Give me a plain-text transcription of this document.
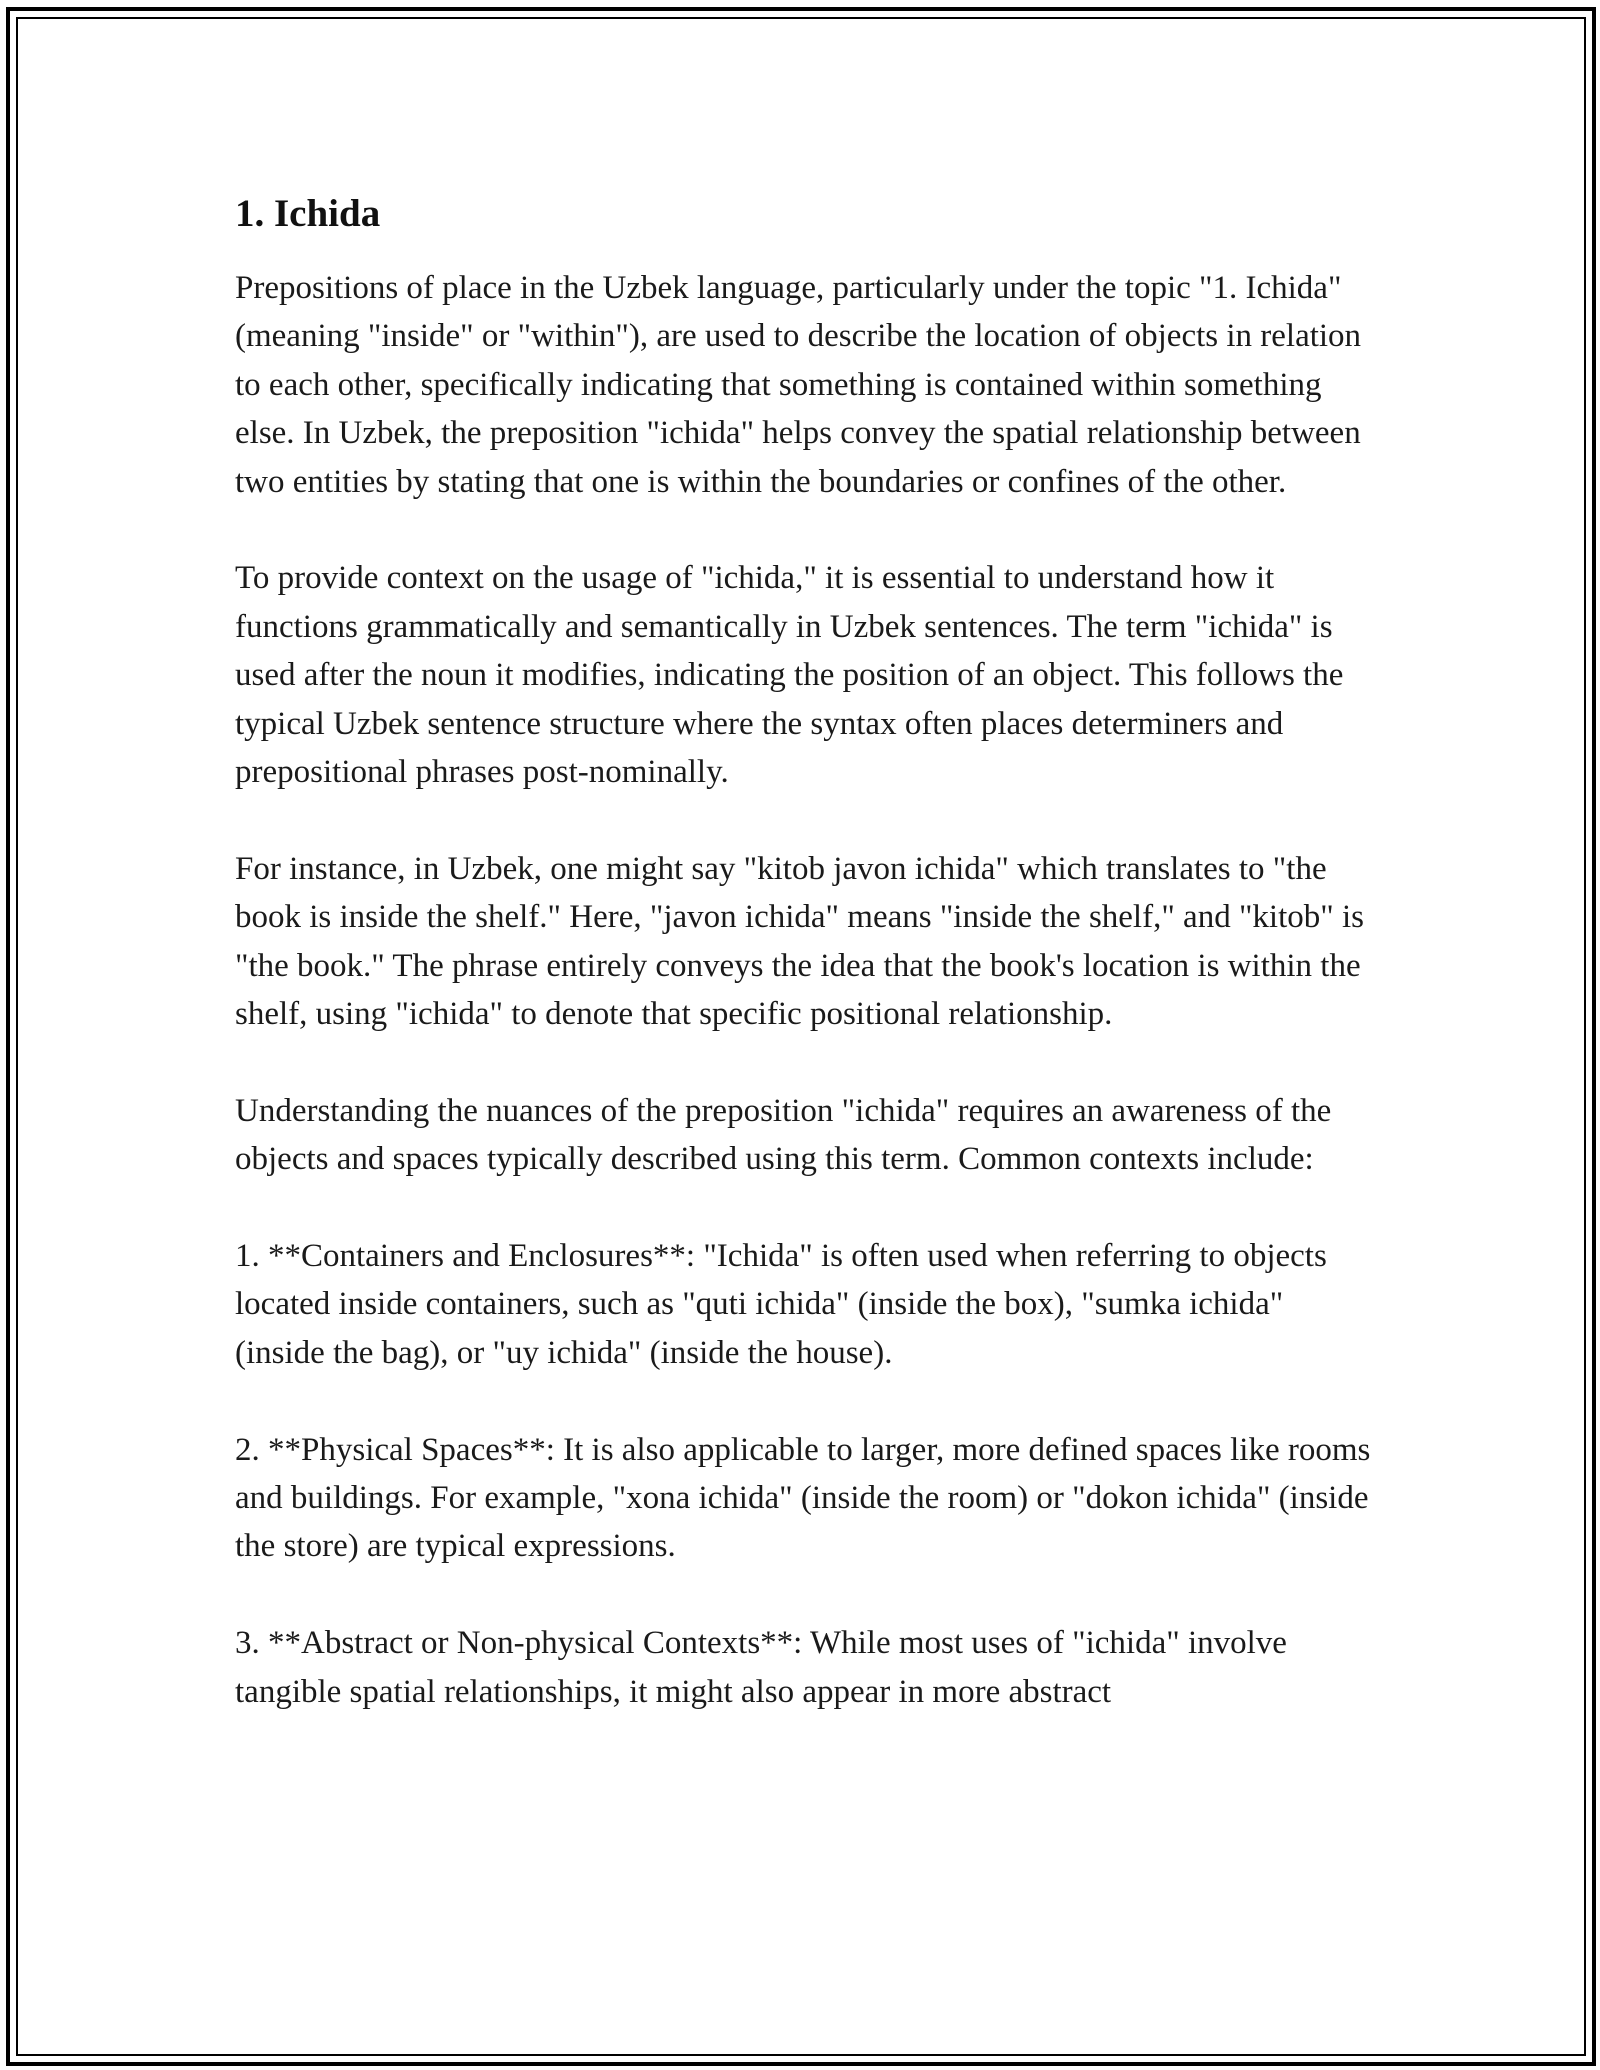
1. Ichida

Prepositions of place in the Uzbek language, particularly under the topic "1. Ichida" (meaning "inside" or "within"), are used to describe the location of objects in relation to each other, specifically indicating that something is contained within something else. In Uzbek, the preposition "ichida" helps convey the spatial relationship between two entities by stating that one is within the boundaries or confines of the other.

To provide context on the usage of "ichida," it is essential to understand how it functions grammatically and semantically in Uzbek sentences. The term "ichida" is used after the noun it modifies, indicating the position of an object. This follows the typical Uzbek sentence structure where the syntax often places determiners and prepositional phrases post-nominally.

For instance, in Uzbek, one might say "kitob javon ichida" which translates to "the book is inside the shelf." Here, "javon ichida" means "inside the shelf," and "kitob" is "the book." The phrase entirely conveys the idea that the book's location is within the shelf, using "ichida" to denote that specific positional relationship.

Understanding the nuances of the preposition "ichida" requires an awareness of the objects and spaces typically described using this term. Common contexts include:

1. **Containers and Enclosures**: "Ichida" is often used when referring to objects located inside containers, such as "quti ichida" (inside the box), "sumka ichida" (inside the bag), or "uy ichida" (inside the house).

2. **Physical Spaces**: It is also applicable to larger, more defined spaces like rooms and buildings. For example, "xona ichida" (inside the room) or "dokon ichida" (inside the store) are typical expressions.

3. **Abstract or Non-physical Contexts**: While most uses of "ichida" involve tangible spatial relationships, it might also appear in more abstract
